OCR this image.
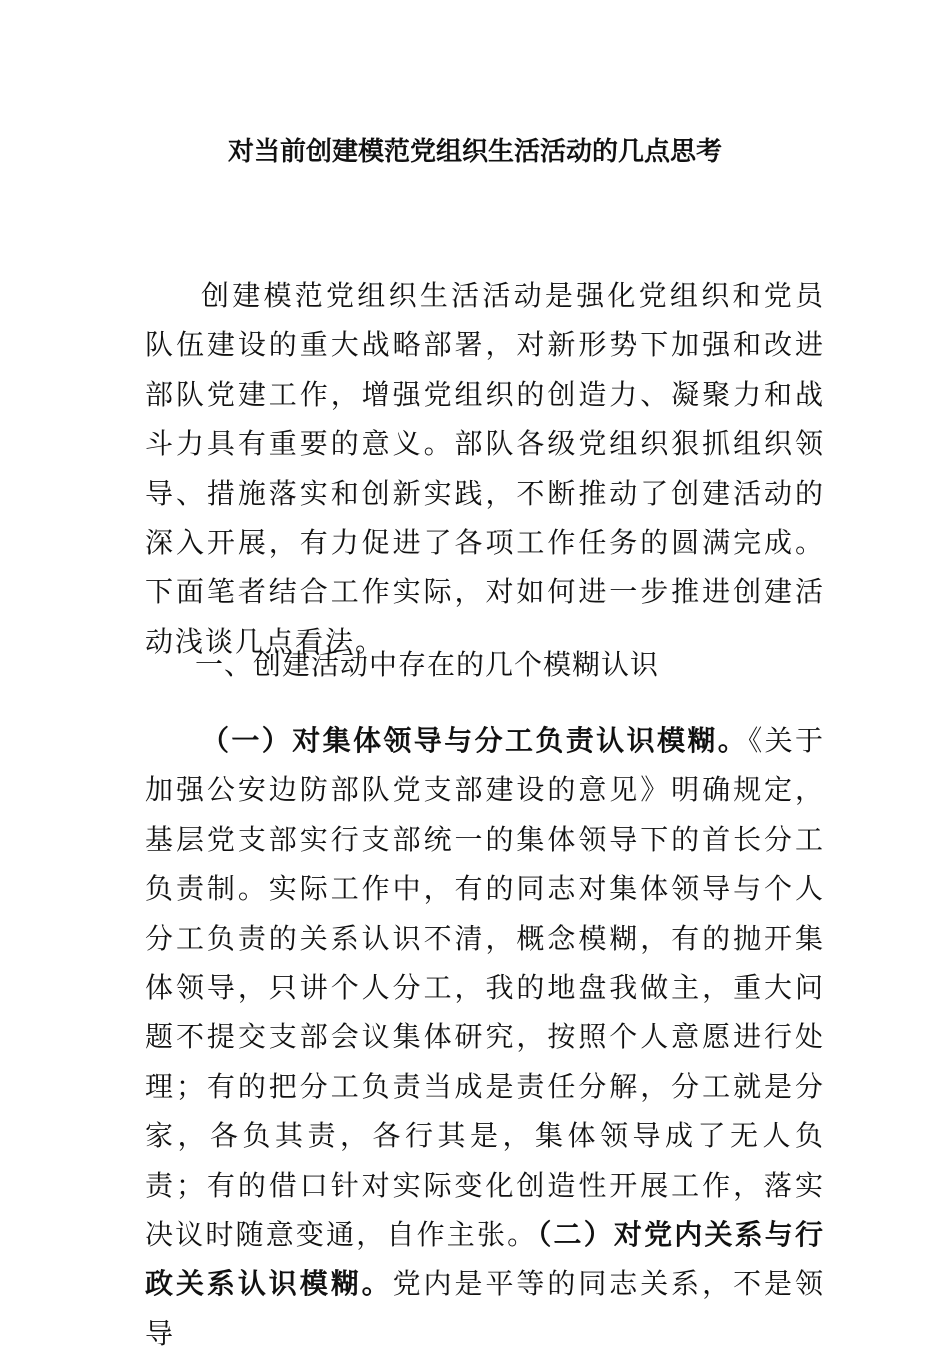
对当前创建模范党组织生活活动的几点思考

创建模范党组织生活活动是强化党组织和党员队伍建设的重大战略部署，对新形势下加强和改进部队党建工作，增强党组织的创造力、凝聚力和战斗力具有重要的意义。部队各级党组织狠抓组织领导、措施落实和创新实践，不断推动了创建活动的深入开展，有力促进了各项工作任务的圆满完成。下面笔者结合工作实际，对如何进一步推进创建活动浅谈几点看法。

一、创建活动中存在的几个模糊认识

（一）对集体领导与分工负责认识模糊。《关于加强公安边防部队党支部建设的意见》明确规定，基层党支部实行支部统一的集体领导下的首长分工负责制。实际工作中，有的同志对集体领导与个人分工负责的关系认识不清，概念模糊，有的抛开集体领导，只讲个人分工，我的地盘我做主，重大问题不提交支部会议集体研究，按照个人意愿进行处理；有的把分工负责当成是责任分解，分工就是分家，各负其责，各行其是，集体领导成了无人负责；有的借口针对实际变化创造性开展工作，落实决议时随意变通，自作主张。（二）对党内关系与行政关系认识模糊。党内是平等的同志关系，不是领导
